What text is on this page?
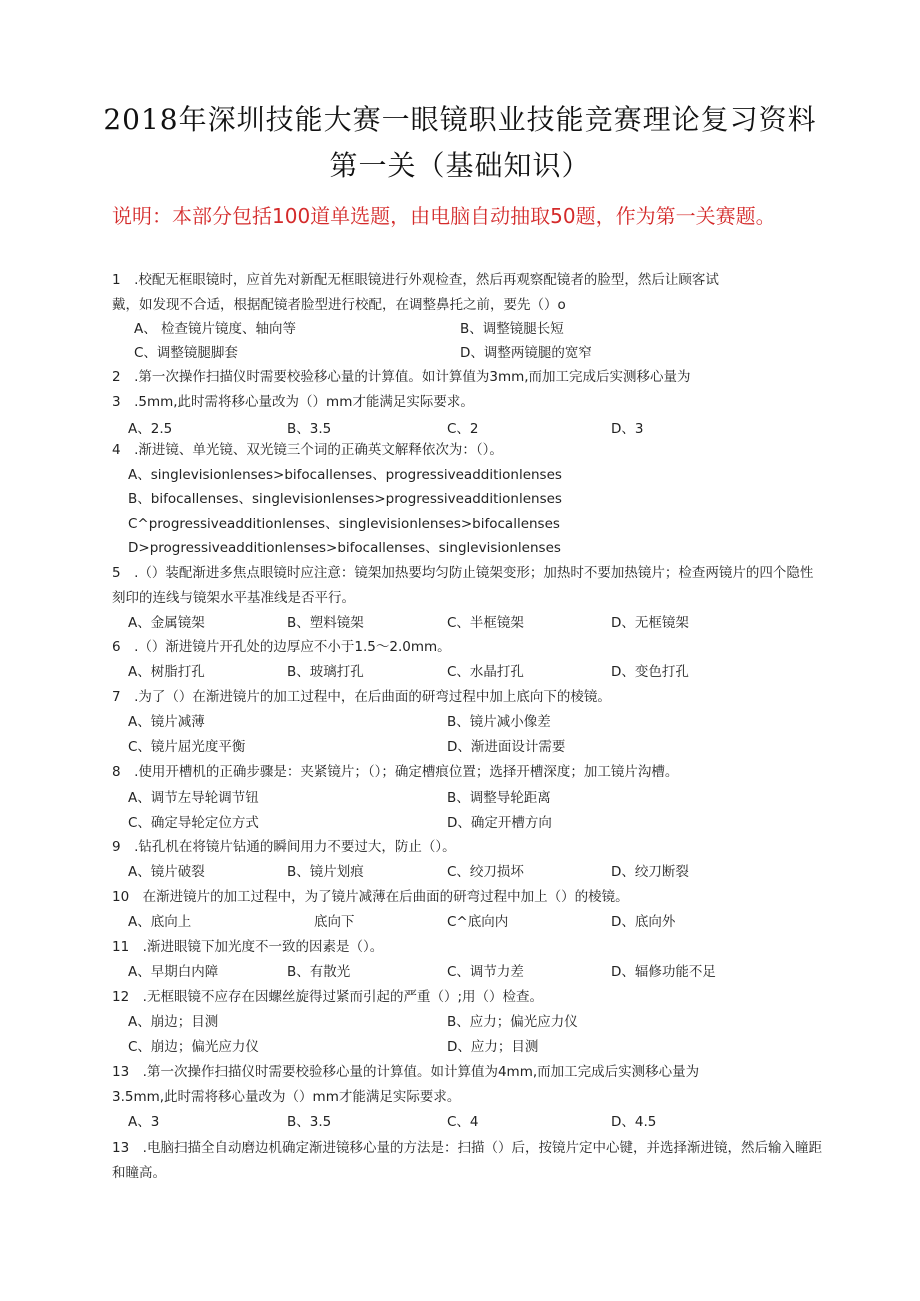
2018年深圳技能大赛一眼镜职业技能竞赛理论复习资料
第一关（基础知识）
说明：本部分包括100道单选题，由电脑自动抽取50题，作为第一关赛题。
1　.校配无框眼镜时，应首先对新配无框眼镜进行外观检查，然后再观察配镜者的脸型，然后让顾客试
戴，如发现不合适，根据配镜者脸型进行校配，在调整鼻托之前，要先（）o
A、 检查镜片镜度、轴向等	B、调整镜腿长短
C、调整镜腿脚套	D、调整两镜腿的宽窄
2　.第一次操作扫描仪时需要校验移心量的计算值。如计算值为3mm,而加工完成后实测移心量为
3　.5mm,此时需将移心量改为（）mm才能满足实际要求。
A、2.5	B、3.5	C、2	D、3
4　.渐进镜、单光镜、双光镜三个词的正确英文解释依次为：（）。
A、singlevisionlenses>bifocallenses、progressiveadditionlenses
B、bifocallenses、singlevisionlenses>progressiveadditionlenses
C^progressiveadditionlenses、singlevisionlenses>bifocallenses
D>progressiveadditionlenses>bifocallenses、singlevisionlenses
5　.（）装配渐进多焦点眼镜时应注意：镜架加热要均匀防止镜架变形；加热时不要加热镜片；检查两镜片的四个隐性刻印的连线与镜架水平基准线是否平行。
A、金属镜架	B、塑料镜架	C、半框镜架	D、无框镜架
6　.（）渐进镜片开孔处的边厚应不小于1.5〜2.0mm。
A、树脂打孔	B、玻璃打孔	C、水晶打孔	D、变色打孔
7　.为了（）在渐进镜片的加工过程中，在后曲面的研弯过程中加上底向下的棱镜。
A、镜片减薄	B、镜片减小像差
C、镜片屈光度平衡	D、渐进面设计需要
8　.使用开槽机的正确步骤是：夹紧镜片；（）；确定槽痕位置；选择开槽深度；加工镜片沟槽。
A、调节左导轮调节钮	B、调整导轮距离
C、确定导轮定位方式	D、确定开槽方向
9　.钻孔机在将镜片钻通的瞬间用力不要过大，防止（）。
A、镜片破裂	B、镜片划痕	C、绞刀损坏	D、绞刀断裂
10　在渐进镜片的加工过程中，为了镜片减薄在后曲面的研弯过程中加上（）的棱镜。
A、底向上	底向下	C^底向内	D、底向外
11　.渐进眼镜下加光度不一致的因素是（）。
A、早期白内障	B、有散光	C、调节力差	D、辐修功能不足
12　.无框眼镜不应存在因螺丝旋得过紧而引起的严重（）;用（）检查。
A、崩边；目测	B、应力；偏光应力仪
C、崩边；偏光应力仪	D、应力；目测
13　.第一次操作扫描仪时需要校验移心量的计算值。如计算值为4mm,而加工完成后实测移心量为
3.5mm,此时需将移心量改为（）mm才能满足实际要求。
A、3	B、3.5	C、4	D、4.5
13　.电脑扫描全自动磨边机确定渐进镜移心量的方法是：扫描（）后，按镜片定中心键，并选择渐进镜，然后输入瞳距和瞳高。
